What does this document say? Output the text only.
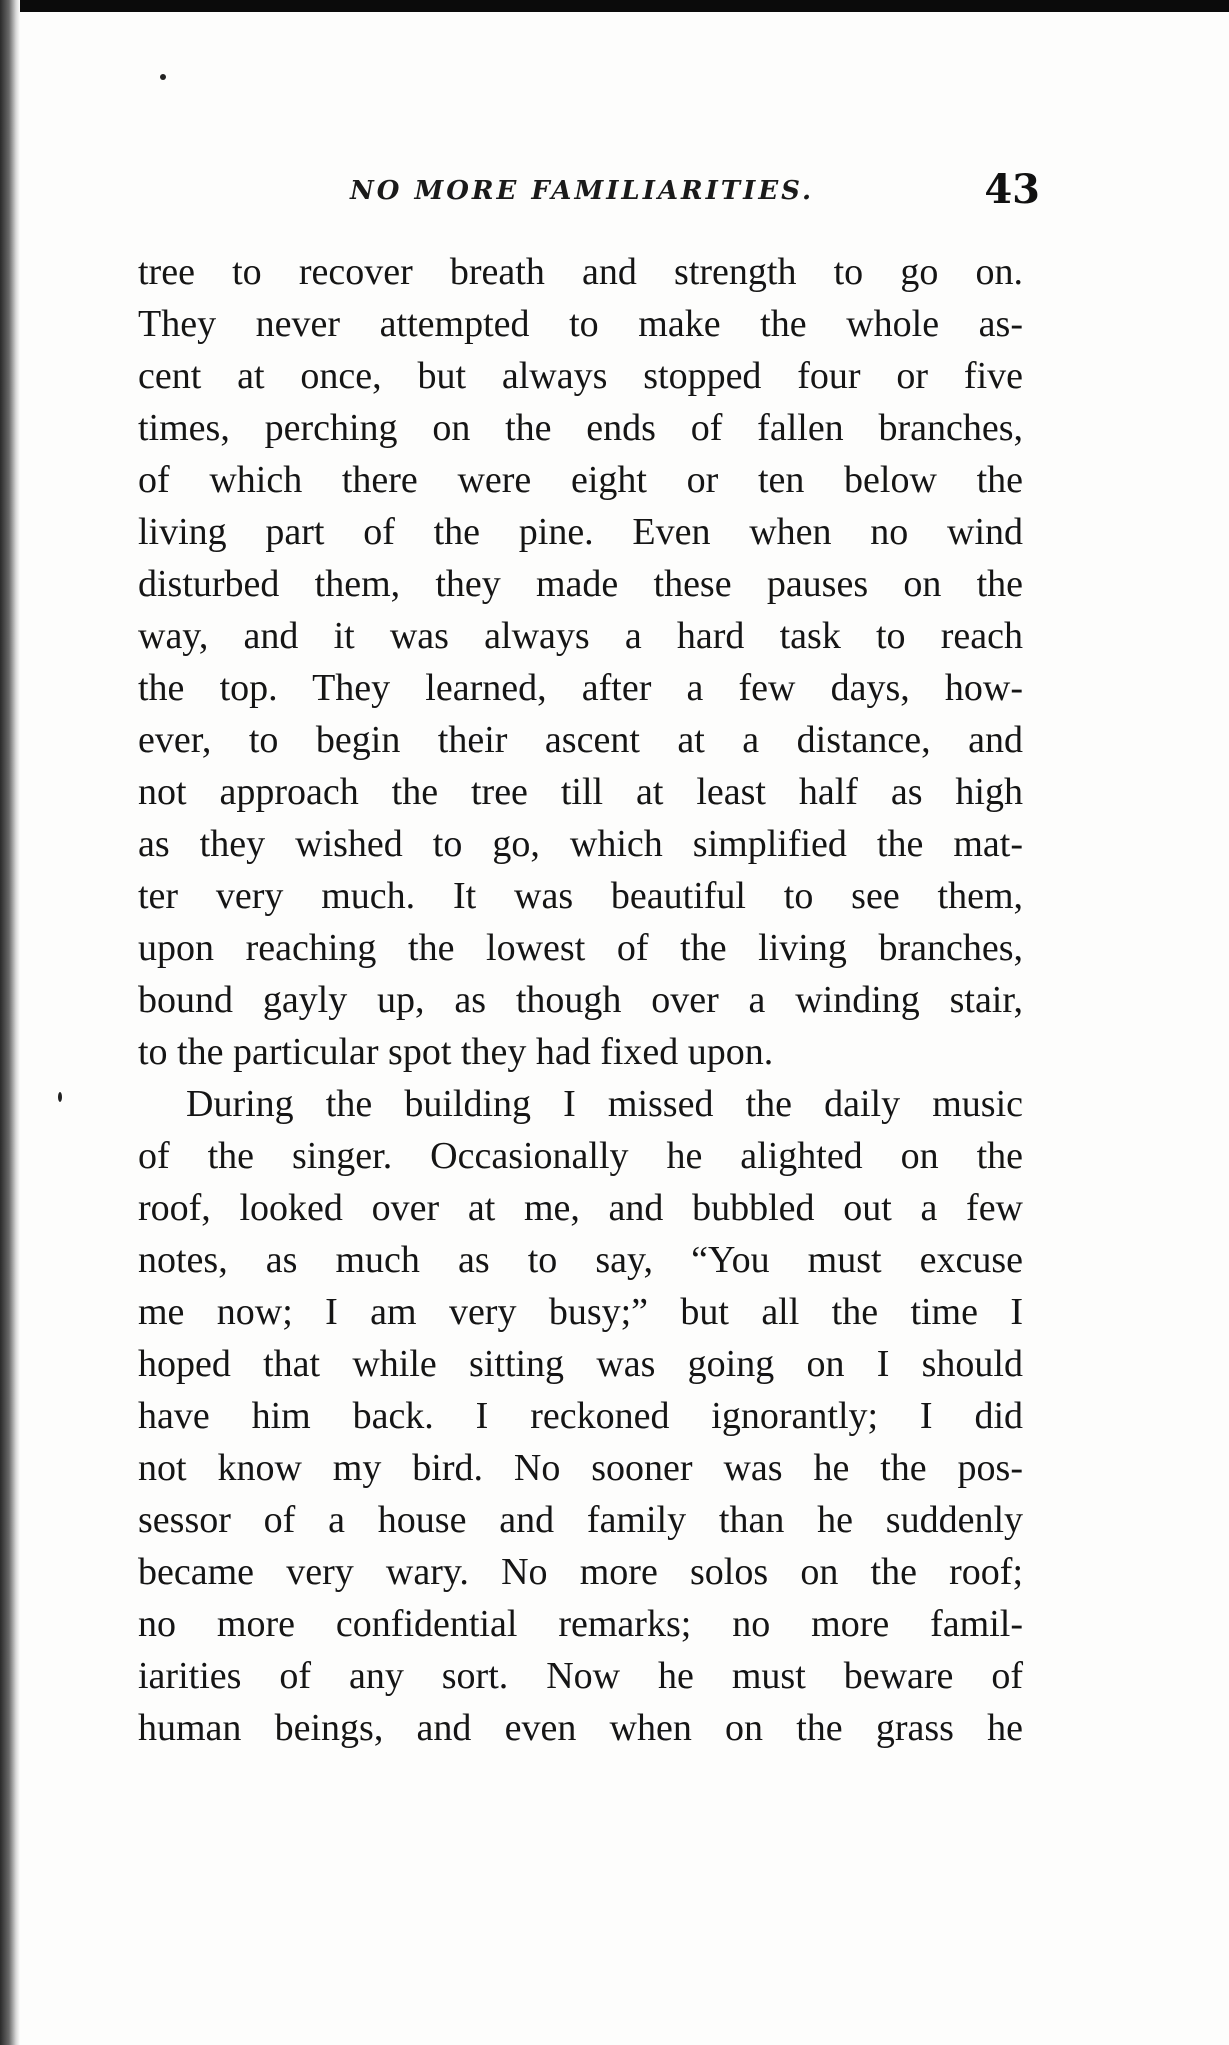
NO MORE FAMILIARITIES.	43
tree to recover breath and strength to go on.
They never attempted to make the whole as-
cent at once, but always stopped four or five
times, perching on the ends of fallen branches,
of which there were eight or ten below the
living part of the pine. Even when no wind
disturbed them, they made these pauses on the
way, and it was always a hard task to reach
the top. They learned, after a few days, how-
ever, to begin their ascent at a distance, and
not approach the tree till at least half as high
as they wished to go, which simplified the mat-
ter very much. It was beautiful to see them,
upon reaching the lowest of the living branches,
bound gayly up, as though over a winding stair,
to the particular spot they had fixed upon.
During the building I missed the daily music
of the singer. Occasionally he alighted on the
roof, looked over at me, and bubbled out a few
notes, as much as to say, “You must excuse
me now; I am very busy;” but all the time I
hoped that while sitting was going on I should
have him back. I reckoned ignorantly; I did
not know my bird. No sooner was he the pos-
sessor of a house and family than he suddenly
became very wary. No more solos on the roof;
no more confidential remarks; no more famil-
iarities of any sort. Now he must beware of
human beings, and even when on the grass he
